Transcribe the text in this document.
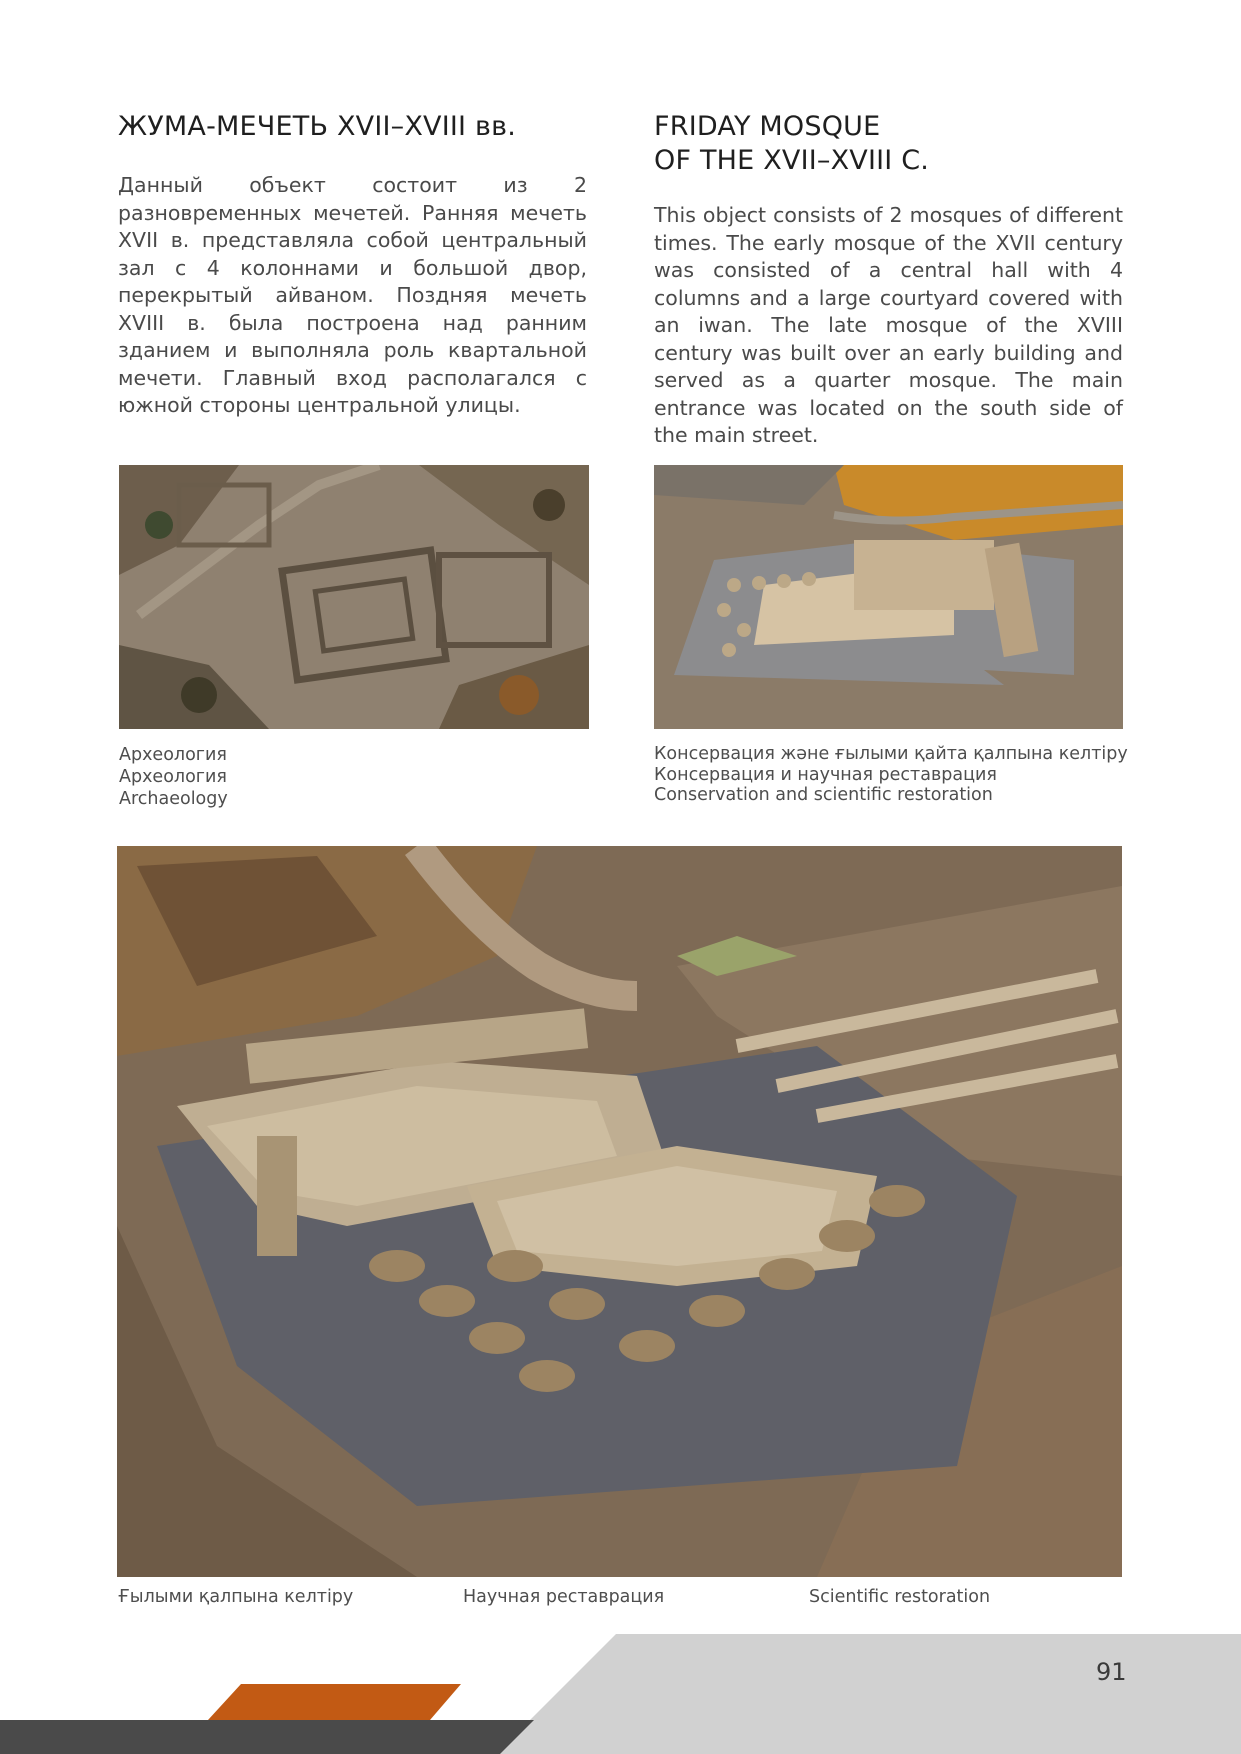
ЖУМА-МЕЧЕТЬ XVII–XVIII вв.

Данный объект состоит из 2 разновременных мечетей. Ранняя мечеть XVII в. представляла собой центральный зал с 4 колоннами и большой двор, перекрытый айваном. Поздняя мечеть XVIII в. была построена над ранним зданием и выполняла роль квартальной мечети. Главный вход располагался с южной стороны центральной улицы.

FRIDAY MOSQUE
OF THE XVII–XVIII C.

This object consists of 2 mosques of different times. The early mosque of the XVII century was consisted of a central hall with 4 columns and a large courtyard covered with an iwan. The late mosque of the XVIII century was built over an early building and served as a quarter mosque. The main entrance was located on the south side of the main street.

Археология
Археология
Archaeology
Консервация және ғылыми қайта қалпына келтіру
Консервация и научная реставрация
Conservation and scientific restoration
Ғылыми қалпына келтіру	Научная реставрация	Scientific restoration
91
